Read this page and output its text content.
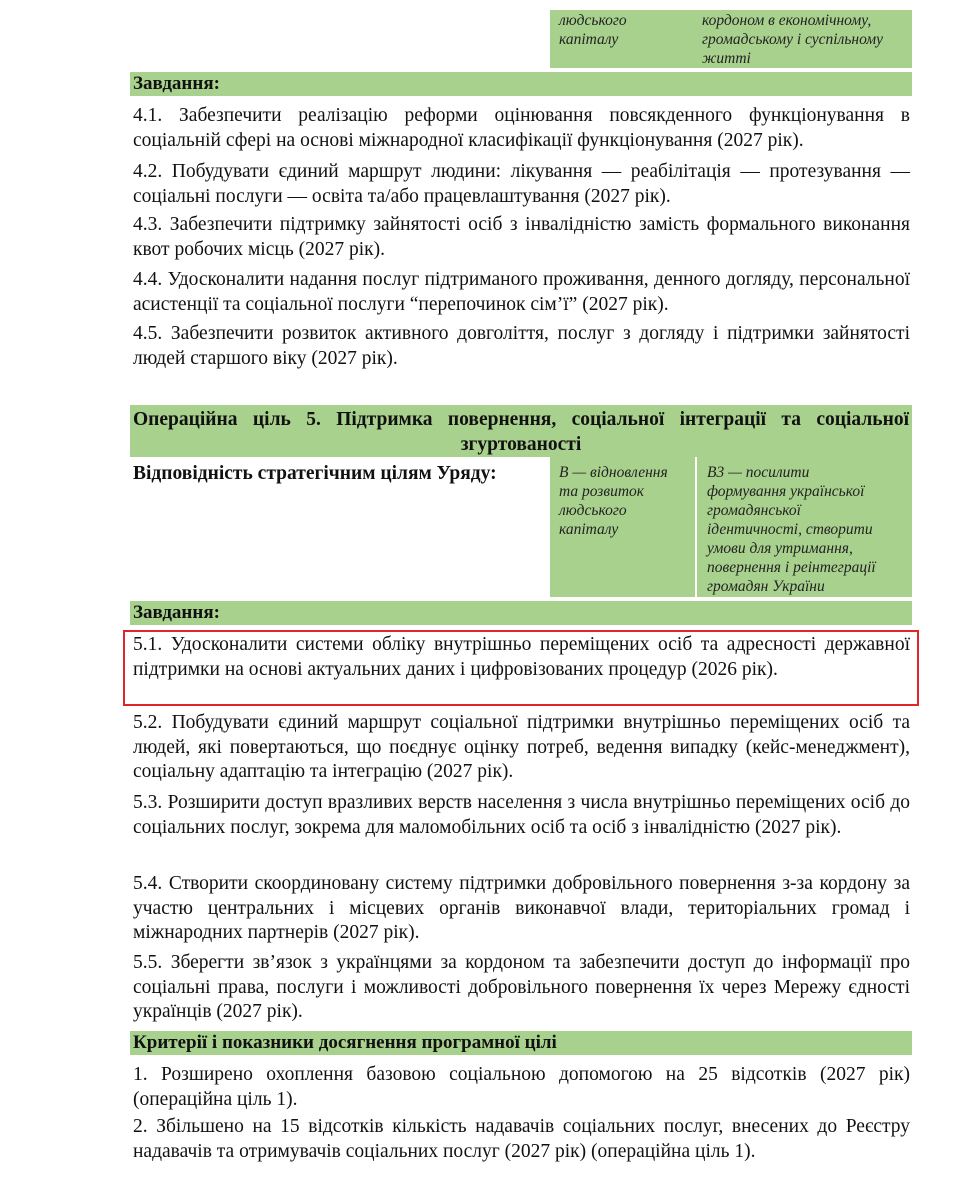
людського
капіталу
кордоном в економічному,
громадському і суспільному
житті
Завдання:
4.1. Забезпечити реалізацію реформи оцінювання повсякденного функціонування в соціальній сфері на основі міжнародної класифікації функціонування (2027 рік).
4.2. Побудувати єдиний маршрут людини: лікування — реабілітація — протезування — соціальні послуги — освіта та/або працевлаштування (2027 рік).
4.3. Забезпечити підтримку зайнятості осіб з інвалідністю замість формального виконання квот робочих місць (2027 рік).
4.4. Удосконалити надання послуг підтриманого проживання, денного догляду, персональної асистенції та соціальної послуги “перепочинок сім’ї” (2027 рік).
4.5. Забезпечити розвиток активного довголіття, послуг з догляду і підтримки зайнятості людей старшого віку (2027 рік).
Операційна ціль 5. Підтримка повернення, соціальної інтеграції та соціальної
згуртованості
Відповідність стратегічним цілям Уряду:	В — відновлення
та розвиток
людського
капіталу
В3 — посилити
формування української
громадянської
ідентичності, створити
умови для утримання,
повернення і реінтеграції
громадян України
Завдання:
5.1. Удосконалити системи обліку внутрішньо переміщених осіб та адресності державної підтримки на основі актуальних даних і цифровізованих процедур (2026 рік).
5.2. Побудувати єдиний маршрут соціальної підтримки внутрішньо переміщених осіб та людей, які повертаються, що поєднує оцінку потреб, ведення випадку (кейс-менеджмент), соціальну адаптацію та інтеграцію (2027 рік).
5.3. Розширити доступ вразливих верств населення з числа внутрішньо переміщених осіб до соціальних послуг, зокрема для маломобільних осіб та осіб з інвалідністю (2027 рік).
5.4. Створити скоординовану систему підтримки добровільного повернення з-за кордону за участю центральних і місцевих органів виконавчої влади, територіальних громад і міжнародних партнерів (2027 рік).
5.5. Зберегти зв’язок з українцями за кордоном та забезпечити доступ до інформації про соціальні права, послуги і можливості добровільного повернення їх через Мережу єдності українців (2027 рік).
Критерії і показники досягнення програмної цілі
1. Розширено охоплення базовою соціальною допомогою на 25 відсотків (2027 рік) (операційна ціль 1).
2. Збільшено на 15 відсотків кількість надавачів соціальних послуг, внесених до Реєстру надавачів та отримувачів соціальних послуг (2027 рік) (операційна ціль 1).
